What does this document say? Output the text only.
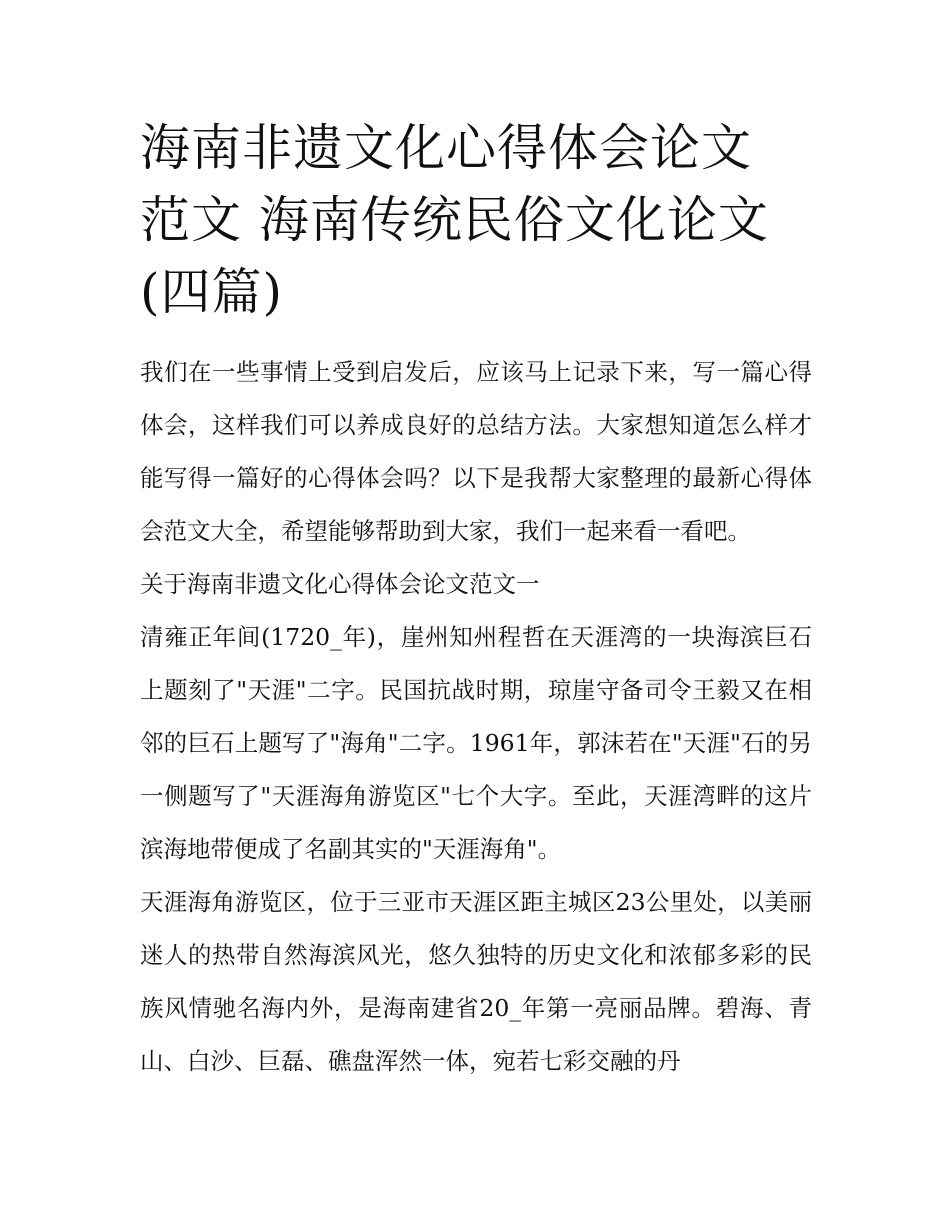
海南非遗文化心得体会论文范文 海南传统民俗文化论文(四篇)

我们在一些事情上受到启发后，应该马上记录下来，写一篇心得体会，这样我们可以养成良好的总结方法。大家想知道怎么样才能写得一篇好的心得体会吗？以下是我帮大家整理的最新心得体会范文大全，希望能够帮助到大家，我们一起来看一看吧。

关于海南非遗文化心得体会论文范文一

清雍正年间(1720_年)，崖州知州程哲在天涯湾的一块海滨巨石上题刻了"天涯"二字。民国抗战时期，琼崖守备司令王毅又在相邻的巨石上题写了"海角"二字。1961年，郭沫若在"天涯"石的另一侧题写了"天涯海角游览区"七个大字。至此，天涯湾畔的这片滨海地带便成了名副其实的"天涯海角"。

天涯海角游览区，位于三亚市天涯区距主城区23公里处，以美丽迷人的热带自然海滨风光，悠久独特的历史文化和浓郁多彩的民族风情驰名海内外，是海南建省20_年第一亮丽品牌。碧海、青山、白沙、巨磊、礁盘浑然一体，宛若七彩交融的丹
